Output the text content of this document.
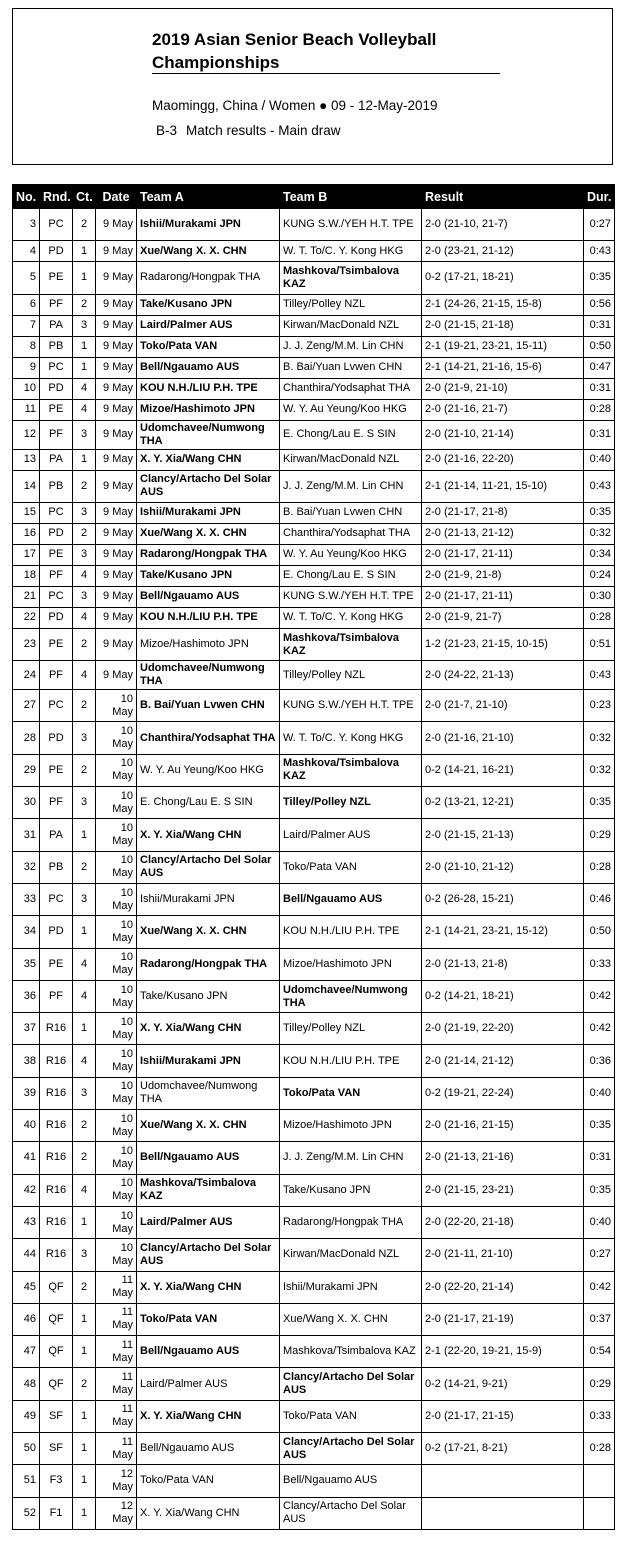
2019 Asian Senior Beach Volleyball Championships
Maomingg, China / Women ● 09 - 12-May-2019
B-3 Match results - Main draw
No.	Rnd.	Ct.	Date	Team A	Team B	Result	Dur.
3	PC	2	9 May	Ishii/Murakami JPN	KUNG S.W./YEH H.T. TPE	2-0 (21-10, 21-7)	0:27
4	PD	1	9 May	Xue/Wang X. X. CHN	W. T. To/C. Y. Kong HKG	2-0 (23-21, 21-12)	0:43
5	PE	1	9 May	Radarong/Hongpak THA	Mashkova/Tsimbalova KAZ	0-2 (17-21, 18-21)	0:35
6	PF	2	9 May	Take/Kusano JPN	Tilley/Polley NZL	2-1 (24-26, 21-15, 15-8)	0:56
7	PA	3	9 May	Laird/Palmer AUS	Kirwan/MacDonald NZL	2-0 (21-15, 21-18)	0:31
8	PB	1	9 May	Toko/Pata VAN	J. J. Zeng/M.M. Lin CHN	2-1 (19-21, 23-21, 15-11)	0:50
9	PC	1	9 May	Bell/Ngauamo AUS	B. Bai/Yuan Lvwen CHN	2-1 (14-21, 21-16, 15-6)	0:47
10	PD	4	9 May	KOU N.H./LIU P.H. TPE	Chanthira/Yodsaphat THA	2-0 (21-9, 21-10)	0:31
11	PE	4	9 May	Mizoe/Hashimoto JPN	W. Y. Au Yeung/Koo HKG	2-0 (21-16, 21-7)	0:28
12	PF	3	9 May	Udomchavee/Numwong THA	E. Chong/Lau E. S SIN	2-0 (21-10, 21-14)	0:31
13	PA	1	9 May	X. Y. Xia/Wang CHN	Kirwan/MacDonald NZL	2-0 (21-16, 22-20)	0:40
14	PB	2	9 May	Clancy/Artacho Del Solar AUS	J. J. Zeng/M.M. Lin CHN	2-1 (21-14, 11-21, 15-10)	0:43
15	PC	3	9 May	Ishii/Murakami JPN	B. Bai/Yuan Lvwen CHN	2-0 (21-17, 21-8)	0:35
16	PD	2	9 May	Xue/Wang X. X. CHN	Chanthira/Yodsaphat THA	2-0 (21-13, 21-12)	0:32
17	PE	3	9 May	Radarong/Hongpak THA	W. Y. Au Yeung/Koo HKG	2-0 (21-17, 21-11)	0:34
18	PF	4	9 May	Take/Kusano JPN	E. Chong/Lau E. S SIN	2-0 (21-9, 21-8)	0:24
21	PC	3	9 May	Bell/Ngauamo AUS	KUNG S.W./YEH H.T. TPE	2-0 (21-17, 21-11)	0:30
22	PD	4	9 May	KOU N.H./LIU P.H. TPE	W. T. To/C. Y. Kong HKG	2-0 (21-9, 21-7)	0:28
23	PE	2	9 May	Mizoe/Hashimoto JPN	Mashkova/Tsimbalova KAZ	1-2 (21-23, 21-15, 10-15)	0:51
24	PF	4	9 May	Udomchavee/Numwong THA	Tilley/Polley NZL	2-0 (24-22, 21-13)	0:43
27	PC	2	10 May	B. Bai/Yuan Lvwen CHN	KUNG S.W./YEH H.T. TPE	2-0 (21-7, 21-10)	0:23
28	PD	3	10 May	Chanthira/Yodsaphat THA	W. T. To/C. Y. Kong HKG	2-0 (21-16, 21-10)	0:32
29	PE	2	10 May	W. Y. Au Yeung/Koo HKG	Mashkova/Tsimbalova KAZ	0-2 (14-21, 16-21)	0:32
30	PF	3	10 May	E. Chong/Lau E. S SIN	Tilley/Polley NZL	0-2 (13-21, 12-21)	0:35
31	PA	1	10 May	X. Y. Xia/Wang CHN	Laird/Palmer AUS	2-0 (21-15, 21-13)	0:29
32	PB	2	10 May	Clancy/Artacho Del Solar AUS	Toko/Pata VAN	2-0 (21-10, 21-12)	0:28
33	PC	3	10 May	Ishii/Murakami JPN	Bell/Ngauamo AUS	0-2 (26-28, 15-21)	0:46
34	PD	1	10 May	Xue/Wang X. X. CHN	KOU N.H./LIU P.H. TPE	2-1 (14-21, 23-21, 15-12)	0:50
35	PE	4	10 May	Radarong/Hongpak THA	Mizoe/Hashimoto JPN	2-0 (21-13, 21-8)	0:33
36	PF	4	10 May	Take/Kusano JPN	Udomchavee/Numwong THA	0-2 (14-21, 18-21)	0:42
37	R16	1	10 May	X. Y. Xia/Wang CHN	Tilley/Polley NZL	2-0 (21-19, 22-20)	0:42
38	R16	4	10 May	Ishii/Murakami JPN	KOU N.H./LIU P.H. TPE	2-0 (21-14, 21-12)	0:36
39	R16	3	10 May	Udomchavee/Numwong THA	Toko/Pata VAN	0-2 (19-21, 22-24)	0:40
40	R16	2	10 May	Xue/Wang X. X. CHN	Mizoe/Hashimoto JPN	2-0 (21-16, 21-15)	0:35
41	R16	2	10 May	Bell/Ngauamo AUS	J. J. Zeng/M.M. Lin CHN	2-0 (21-13, 21-16)	0:31
42	R16	4	10 May	Mashkova/Tsimbalova KAZ	Take/Kusano JPN	2-0 (21-15, 23-21)	0:35
43	R16	1	10 May	Laird/Palmer AUS	Radarong/Hongpak THA	2-0 (22-20, 21-18)	0:40
44	R16	3	10 May	Clancy/Artacho Del Solar AUS	Kirwan/MacDonald NZL	2-0 (21-11, 21-10)	0:27
45	QF	2	11 May	X. Y. Xia/Wang CHN	Ishii/Murakami JPN	2-0 (22-20, 21-14)	0:42
46	QF	1	11 May	Toko/Pata VAN	Xue/Wang X. X. CHN	2-0 (21-17, 21-19)	0:37
47	QF	1	11 May	Bell/Ngauamo AUS	Mashkova/Tsimbalova KAZ	2-1 (22-20, 19-21, 15-9)	0:54
48	QF	2	11 May	Laird/Palmer AUS	Clancy/Artacho Del Solar AUS	0-2 (14-21, 9-21)	0:29
49	SF	1	11 May	X. Y. Xia/Wang CHN	Toko/Pata VAN	2-0 (21-17, 21-15)	0:33
50	SF	1	11 May	Bell/Ngauamo AUS	Clancy/Artacho Del Solar AUS	0-2 (17-21, 8-21)	0:28
51	F3	1	12 May	Toko/Pata VAN	Bell/Ngauamo AUS		
52	F1	1	12 May	X. Y. Xia/Wang CHN	Clancy/Artacho Del Solar AUS		
